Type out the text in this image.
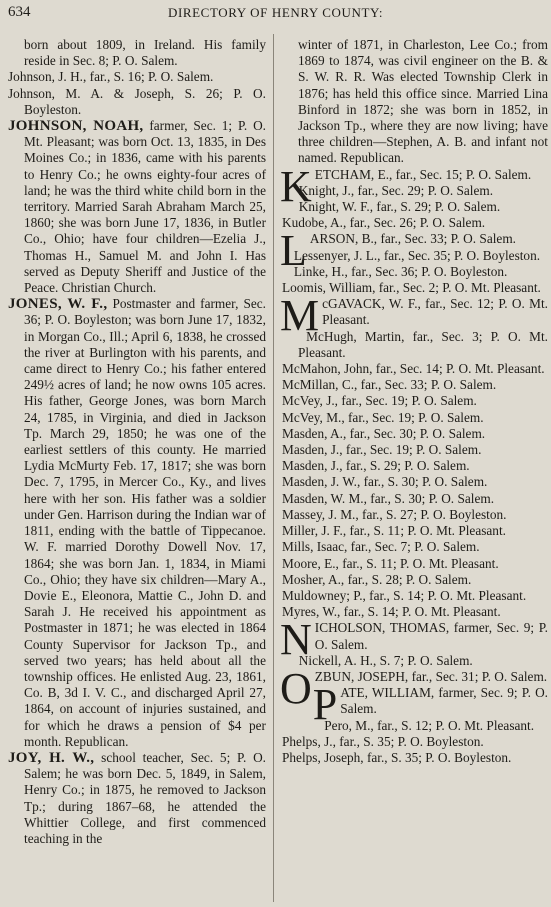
634	DIRECTORY OF HENRY COUNTY:

born about 1809, in Ireland. His family reside in Sec. 8; P. O. Salem.

Johnson, J. H., far., S. 16; P. O. Salem.

Johnson, M. A. & Joseph, S. 26; P. O. Boyleston.

JOHNSON, NOAH, farmer, Sec. 1; P. O. Mt. Pleasant; was born Oct. 13, 1835, in Des Moines Co.; in 1836, came with his parents to Henry Co.; he owns eighty-four acres of land; he was the third white child born in the territory. Married Sarah Abraham March 25, 1860; she was born June 17, 1836, in Butler Co., Ohio; have four children—Ezelia J., Thomas H., Samuel M. and John I. Has served as Deputy Sheriff and Justice of the Peace. Christian Church.

JONES, W. F., Postmaster and farmer, Sec. 36; P. O. Boyleston; was born June 17, 1832, in Morgan Co., Ill.; April 6, 1838, he crossed the river at Burlington with his parents, and came direct to Henry Co.; his father entered 249½ acres of land; he now owns 105 acres. His father, George Jones, was born March 24, 1785, in Virginia, and died in Jackson Tp. March 29, 1850; he was one of the earliest settlers of this county. He married Lydia McMurty Feb. 17, 1817; she was born Dec. 7, 1795, in Mercer Co., Ky., and lives here with her son. His father was a soldier under Gen. Harrison during the Indian war of 1811, ending with the battle of Tippecanoe. W. F. married Dorothy Dowell Nov. 17, 1864; she was born Jan. 1, 1834, in Miami Co., Ohio; they have six children—Mary A., Dovie E., Eleonora, Mattie C., John D. and Sarah J. He received his appointment as Postmaster in 1871; he was elected in 1864 County Supervisor for Jackson Tp., and served two years; has held about all the township offices. He enlisted Aug. 23, 1861, Co. B, 3d I. V. C., and discharged April 27, 1864, on account of injuries sustained, and for which he draws a pension of $4 per month. Republican.

JOY, H. W., school teacher, Sec. 5; P. O. Salem; he was born Dec. 5, 1849, in Salem, Henry Co.; in 1875, he removed to Jackson Tp.; during 1867–68, he attended the Whittier College, and first commenced teaching in the

winter of 1871, in Charleston, Lee Co.; from 1869 to 1874, was civil engineer on the B. & S. W. R. R. Was elected Township Clerk in 1876; has held this office since. Married Lina Binford in 1872; she was born in 1852, in Jackson Tp., where they are now living; have three children—Stephen, A. B. and infant not named. Republican.

KETCHAM, E., far., Sec. 15; P. O. Salem.

Knight, J., far., Sec. 29; P. O. Salem.

Knight, W. F., far., S. 29; P. O. Salem.

Kudobe, A., far., Sec. 26; P. O. Salem.

LARSON, B., far., Sec. 33; P. O. Salem.

Lessenyer, J. L., far., Sec. 35; P. O. Boyleston.

Linke, H., far., Sec. 36; P. O. Boyleston.

Loomis, William, far., Sec. 2; P. O. Mt. Pleasant.

McGAVACK, W. F., far., Sec. 12; P. O. Mt. Pleasant.

McHugh, Martin, far., Sec. 3; P. O. Mt. Pleasant.

McMahon, John, far., Sec. 14; P. O. Mt. Pleasant.

McMillan, C., far., Sec. 33; P. O. Salem.

McVey, J., far., Sec. 19; P. O. Salem.

McVey, M., far., Sec. 19; P. O. Salem.

Masden, A., far., Sec. 30; P. O. Salem.

Masden, J., far., Sec. 19; P. O. Salem.

Masden, J., far., S. 29; P. O. Salem.

Masden, J. W., far., S. 30; P. O. Salem.

Masden, W. M., far., S. 30; P. O. Salem.

Massey, J. M., far., S. 27; P. O. Boyleston.

Miller, J. F., far., S. 11; P. O. Mt. Pleasant.

Mills, Isaac, far., Sec. 7; P. O. Salem.

Moore, E., far., S. 11; P. O. Mt. Pleasant.

Mosher, A., far., S. 28; P. O. Salem.

Muldowney; P., far., S. 14; P. O. Mt. Pleasant.

Myres, W., far., S. 14; P. O. Mt. Pleasant.

NICHOLSON, THOMAS, farmer, Sec. 9; P. O. Salem.

Nickell, A. H., S. 7; P. O. Salem.

OZBUN, JOSEPH, far., Sec. 31; P. O. Salem.

PATE, WILLIAM, farmer, Sec. 9; P. O. Salem.

Pero, M., far., S. 12; P. O. Mt. Pleasant.

Phelps, J., far., S. 35; P. O. Boyleston.

Phelps, Joseph, far., S. 35; P. O. Boyleston.
